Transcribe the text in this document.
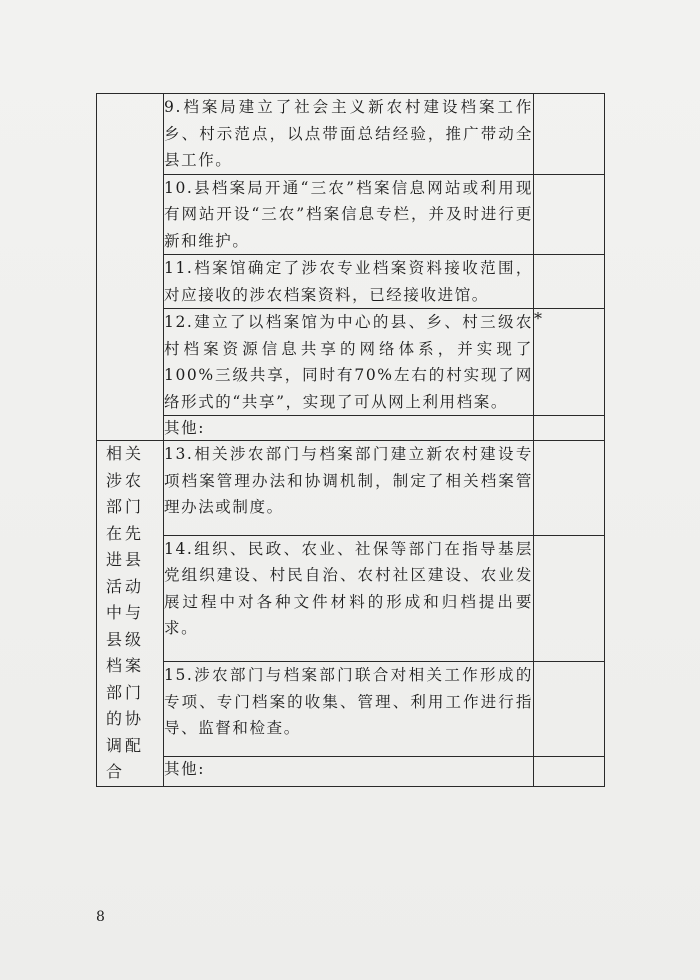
	9.档案局建立了社会主义新农村建设档案工作乡、村示范点，以点带面总结经验，推广带动全县工作。	
	10.县档案局开通“三农”档案信息网站或利用现有网站开设“三农”档案信息专栏，并及时进行更新和维护。	
	11.档案馆确定了涉农专业档案资料接收范围，对应接收的涉农档案资料，已经接收进馆。	
	12.建立了以档案馆为中心的县、乡、村三级农村档案资源信息共享的网络体系，并实现了100%三级共享，同时有70%左右的村实现了网络形式的“共享”，实现了可从网上利用档案。	*
	其他:	
相关涉农部门在先进县活动中与县级档案部门的协调配合	13.相关涉农部门与档案部门建立新农村建设专项档案管理办法和协调机制，制定了相关档案管理办法或制度。	
	14.组织、民政、农业、社保等部门在指导基层党组织建设、村民自治、农村社区建设、农业发展过程中对各种文件材料的形成和归档提出要求。	
	15.涉农部门与档案部门联合对相关工作形成的专项、专门档案的收集、管理、利用工作进行指导、监督和检查。	
	其他:	
8
